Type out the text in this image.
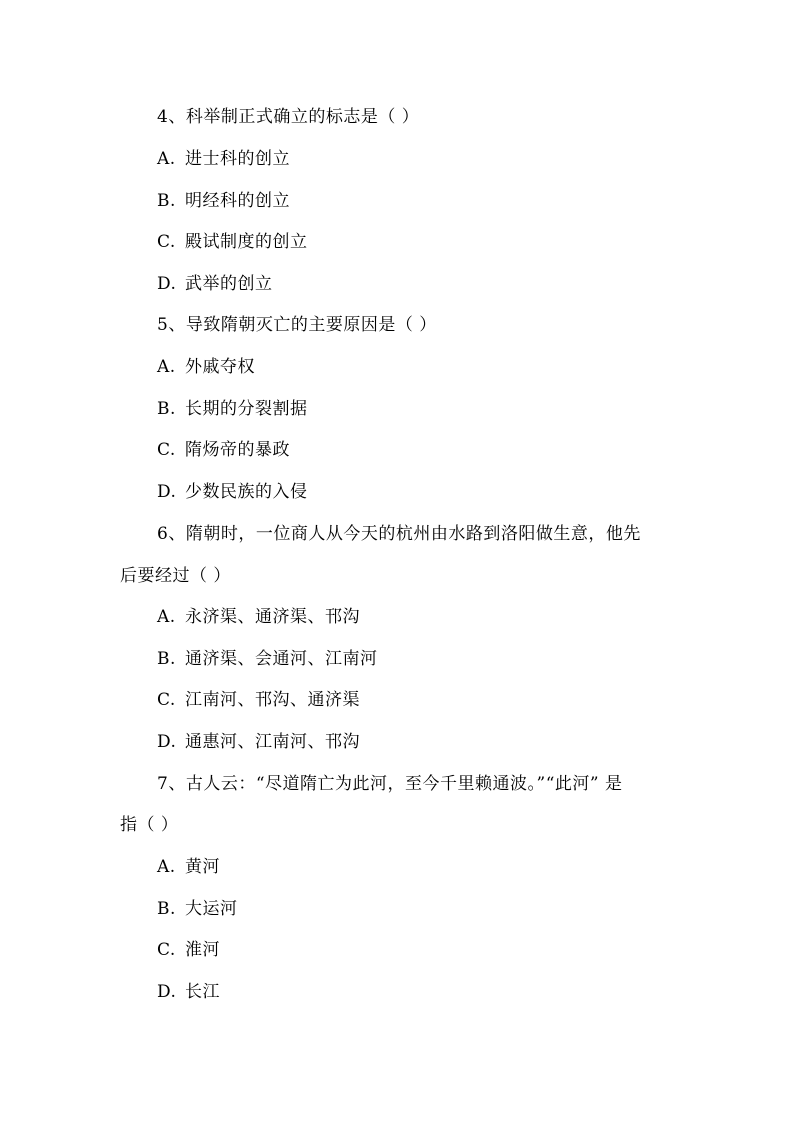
4、科举制正式确立的标志是（ ）
A. 进士科的创立
B. 明经科的创立
C. 殿试制度的创立
D. 武举的创立
5、导致隋朝灭亡的主要原因是（ ）
A. 外戚夺权
B. 长期的分裂割据
C. 隋炀帝的暴政
D. 少数民族的入侵
6、隋朝时，一位商人从今天的杭州由水路到洛阳做生意，他先
后要经过（ ）
A. 永济渠、通济渠、邗沟
B. 通济渠、会通河、江南河
C. 江南河、邗沟、通济渠
D. 通惠河、江南河、邗沟
7、古人云：“尽道隋亡为此河，至今千里赖通波。”“此河” 是
指（ ）
A. 黄河
B. 大运河
C. 淮河
D. 长江
